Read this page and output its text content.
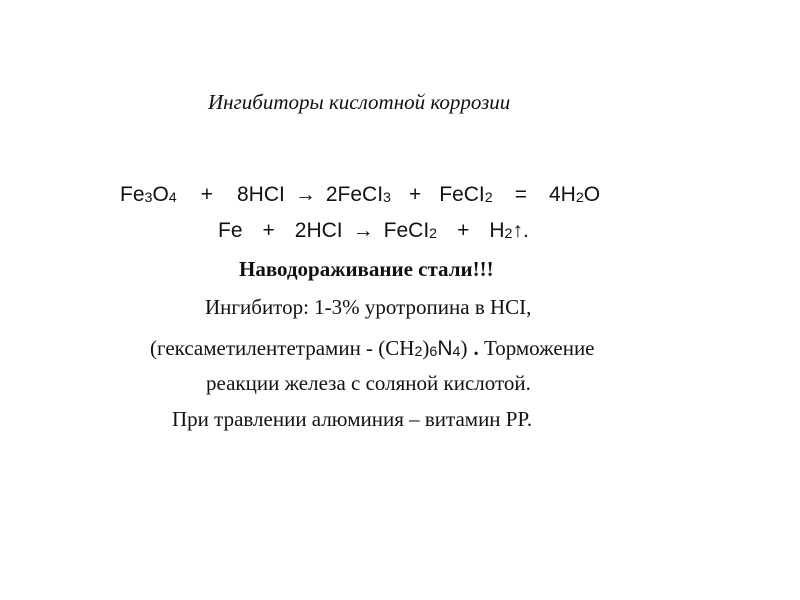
Ингибиторы кислотной коррозии
$Fe_3O_4 + 8HCI$ → 2FeCI$_3$ + FeCI$_2$ = $4H_2O$
Fe + 2HCI → FeCI$_2$ + $H_2↑$.
Наводораживание стали!!!
Ингибитор: 1-3% уротропина в HCI,
(гексаметилентетрамин - $(CH_2)_6N_4$) . Торможение
реакции железа с соляной кислотой.
При травлении алюминия – витамин PP.
